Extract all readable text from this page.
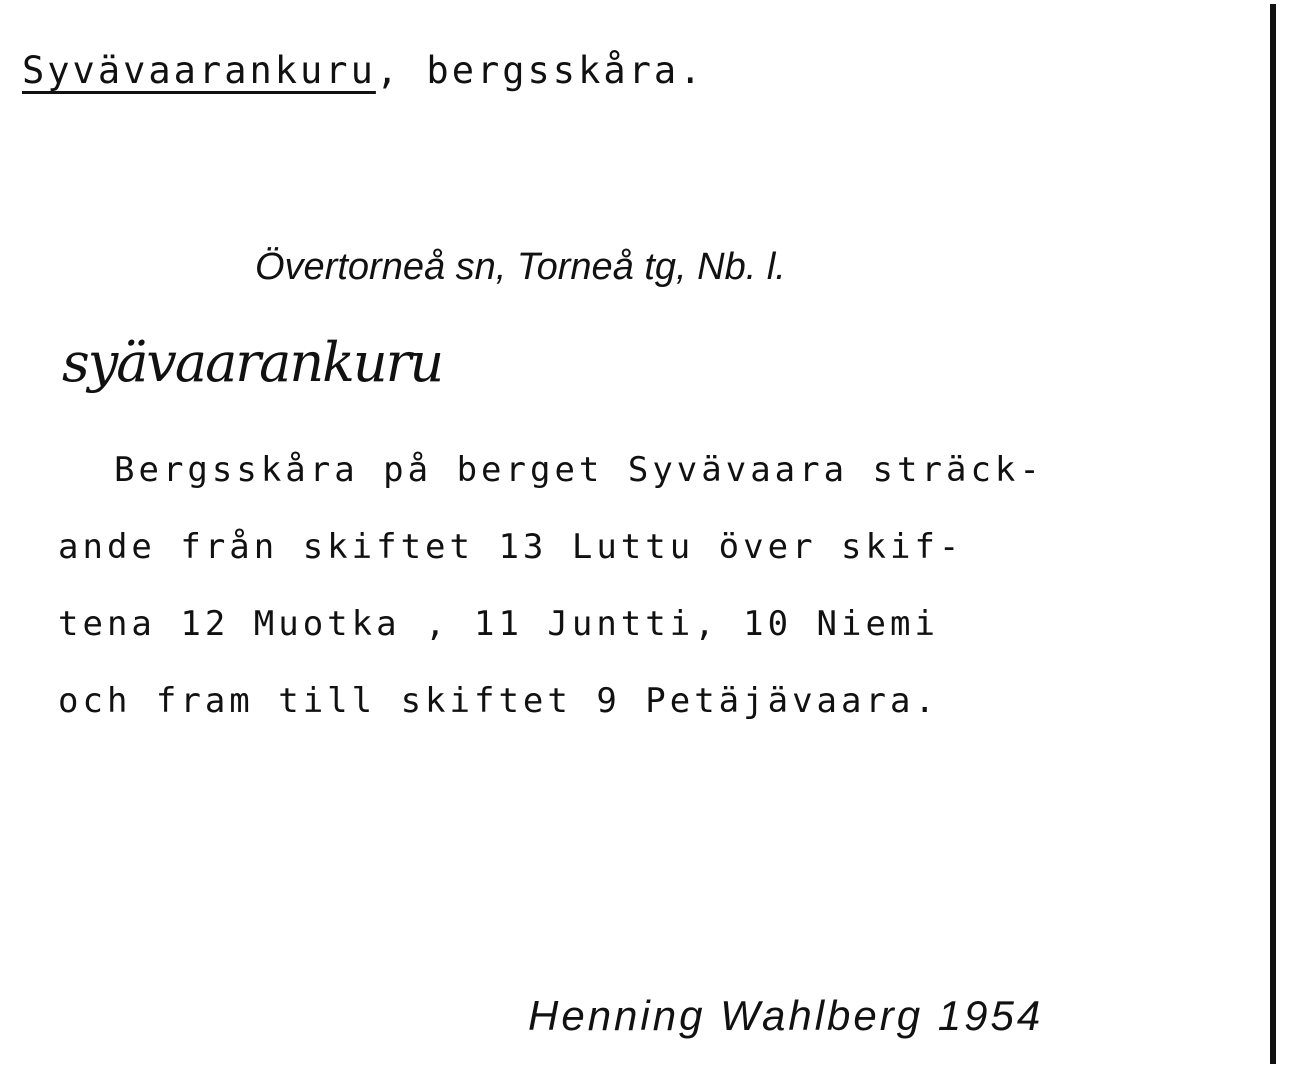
Syvävaarankuru, bergsskåra.
Övertorneå sn, Torneå tg, Nb. l.
syävaarankuru
Bergsskåra på berget Syvävaara sträck-
ande från skiftet 13 Luttu över skif-
tena 12 Muotka , 11 Juntti, 10 Niemi
och fram till skiftet 9 Petäjävaara.
Henning Wahlberg 1954
